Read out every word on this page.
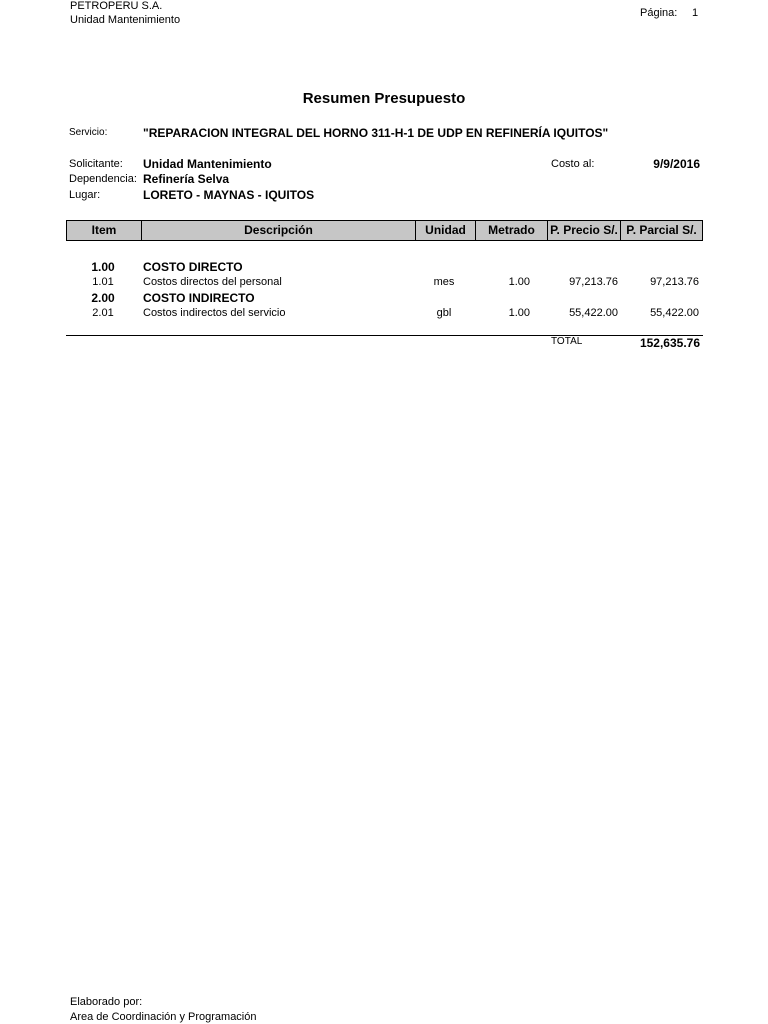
PETROPERU S.A.
Unidad Mantenimiento
Página: 1
Resumen Presupuesto
Servicio:	"REPARACION INTEGRAL DEL HORNO 311-H-1 DE UDP EN REFINERÍA IQUITOS"
Solicitante: Unidad Mantenimiento
Dependencia: Refinería Selva
Lugar:	LORETO - MAYNAS - IQUITOS
Costo al:	9/9/2016
Item	Descripción	Unidad	Metrado	P. Precio S/. P. Parcial S/.
1.00	COSTO DIRECTO
1.01	Costos directos del personal	mes	1.00	97,213.76	97,213.76
2.00	COSTO INDIRECTO
2.01	Costos indirectos del servicio	gbl	1.00	55,422.00	55,422.00
TOTAL	152,635.76
Elaborado por:
Area de Coordinación y Programación
